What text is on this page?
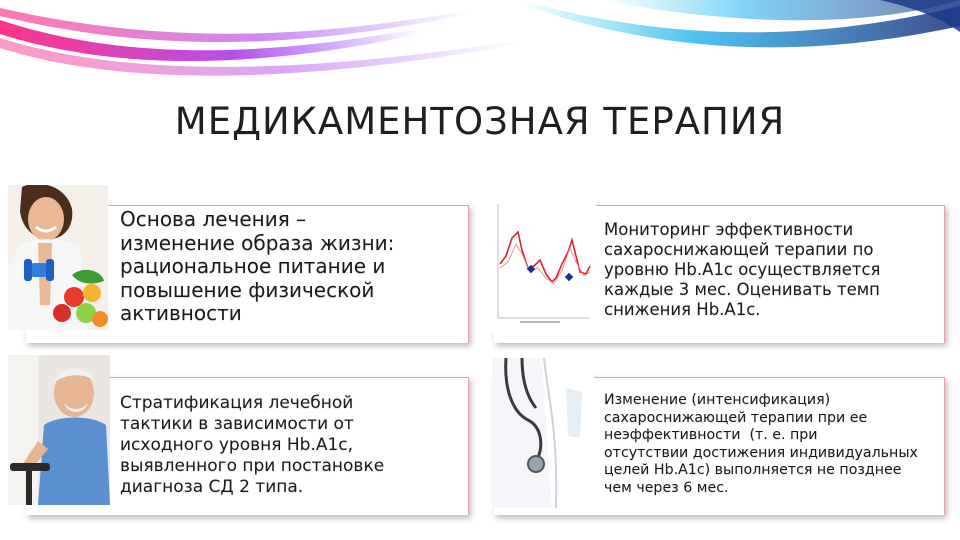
МЕДИКАМЕНТОЗНАЯ ТЕРАПИЯ
Основа лечения –
изменение образа жизни:
рациональное питание и
повышение физической
активности
Мониторинг эффективности
сахароснижающей терапии по
уровню Hb.A1c осуществляется
каждые 3 мес. Оценивать темп
снижения Hb.A1c.
Стратификация лечебной
тактики в зависимости от
исходного уровня Hb.A1c,
выявленного при постановке
диагноза СД 2 типа.
Изменение (интенсификация)
сахароснижающей терапии при ее
неэффективности  (т. е. при
отсутствии достижения индивидуальных
целей Hb.A1c) выполняется не позднее
чем через 6 мес.
